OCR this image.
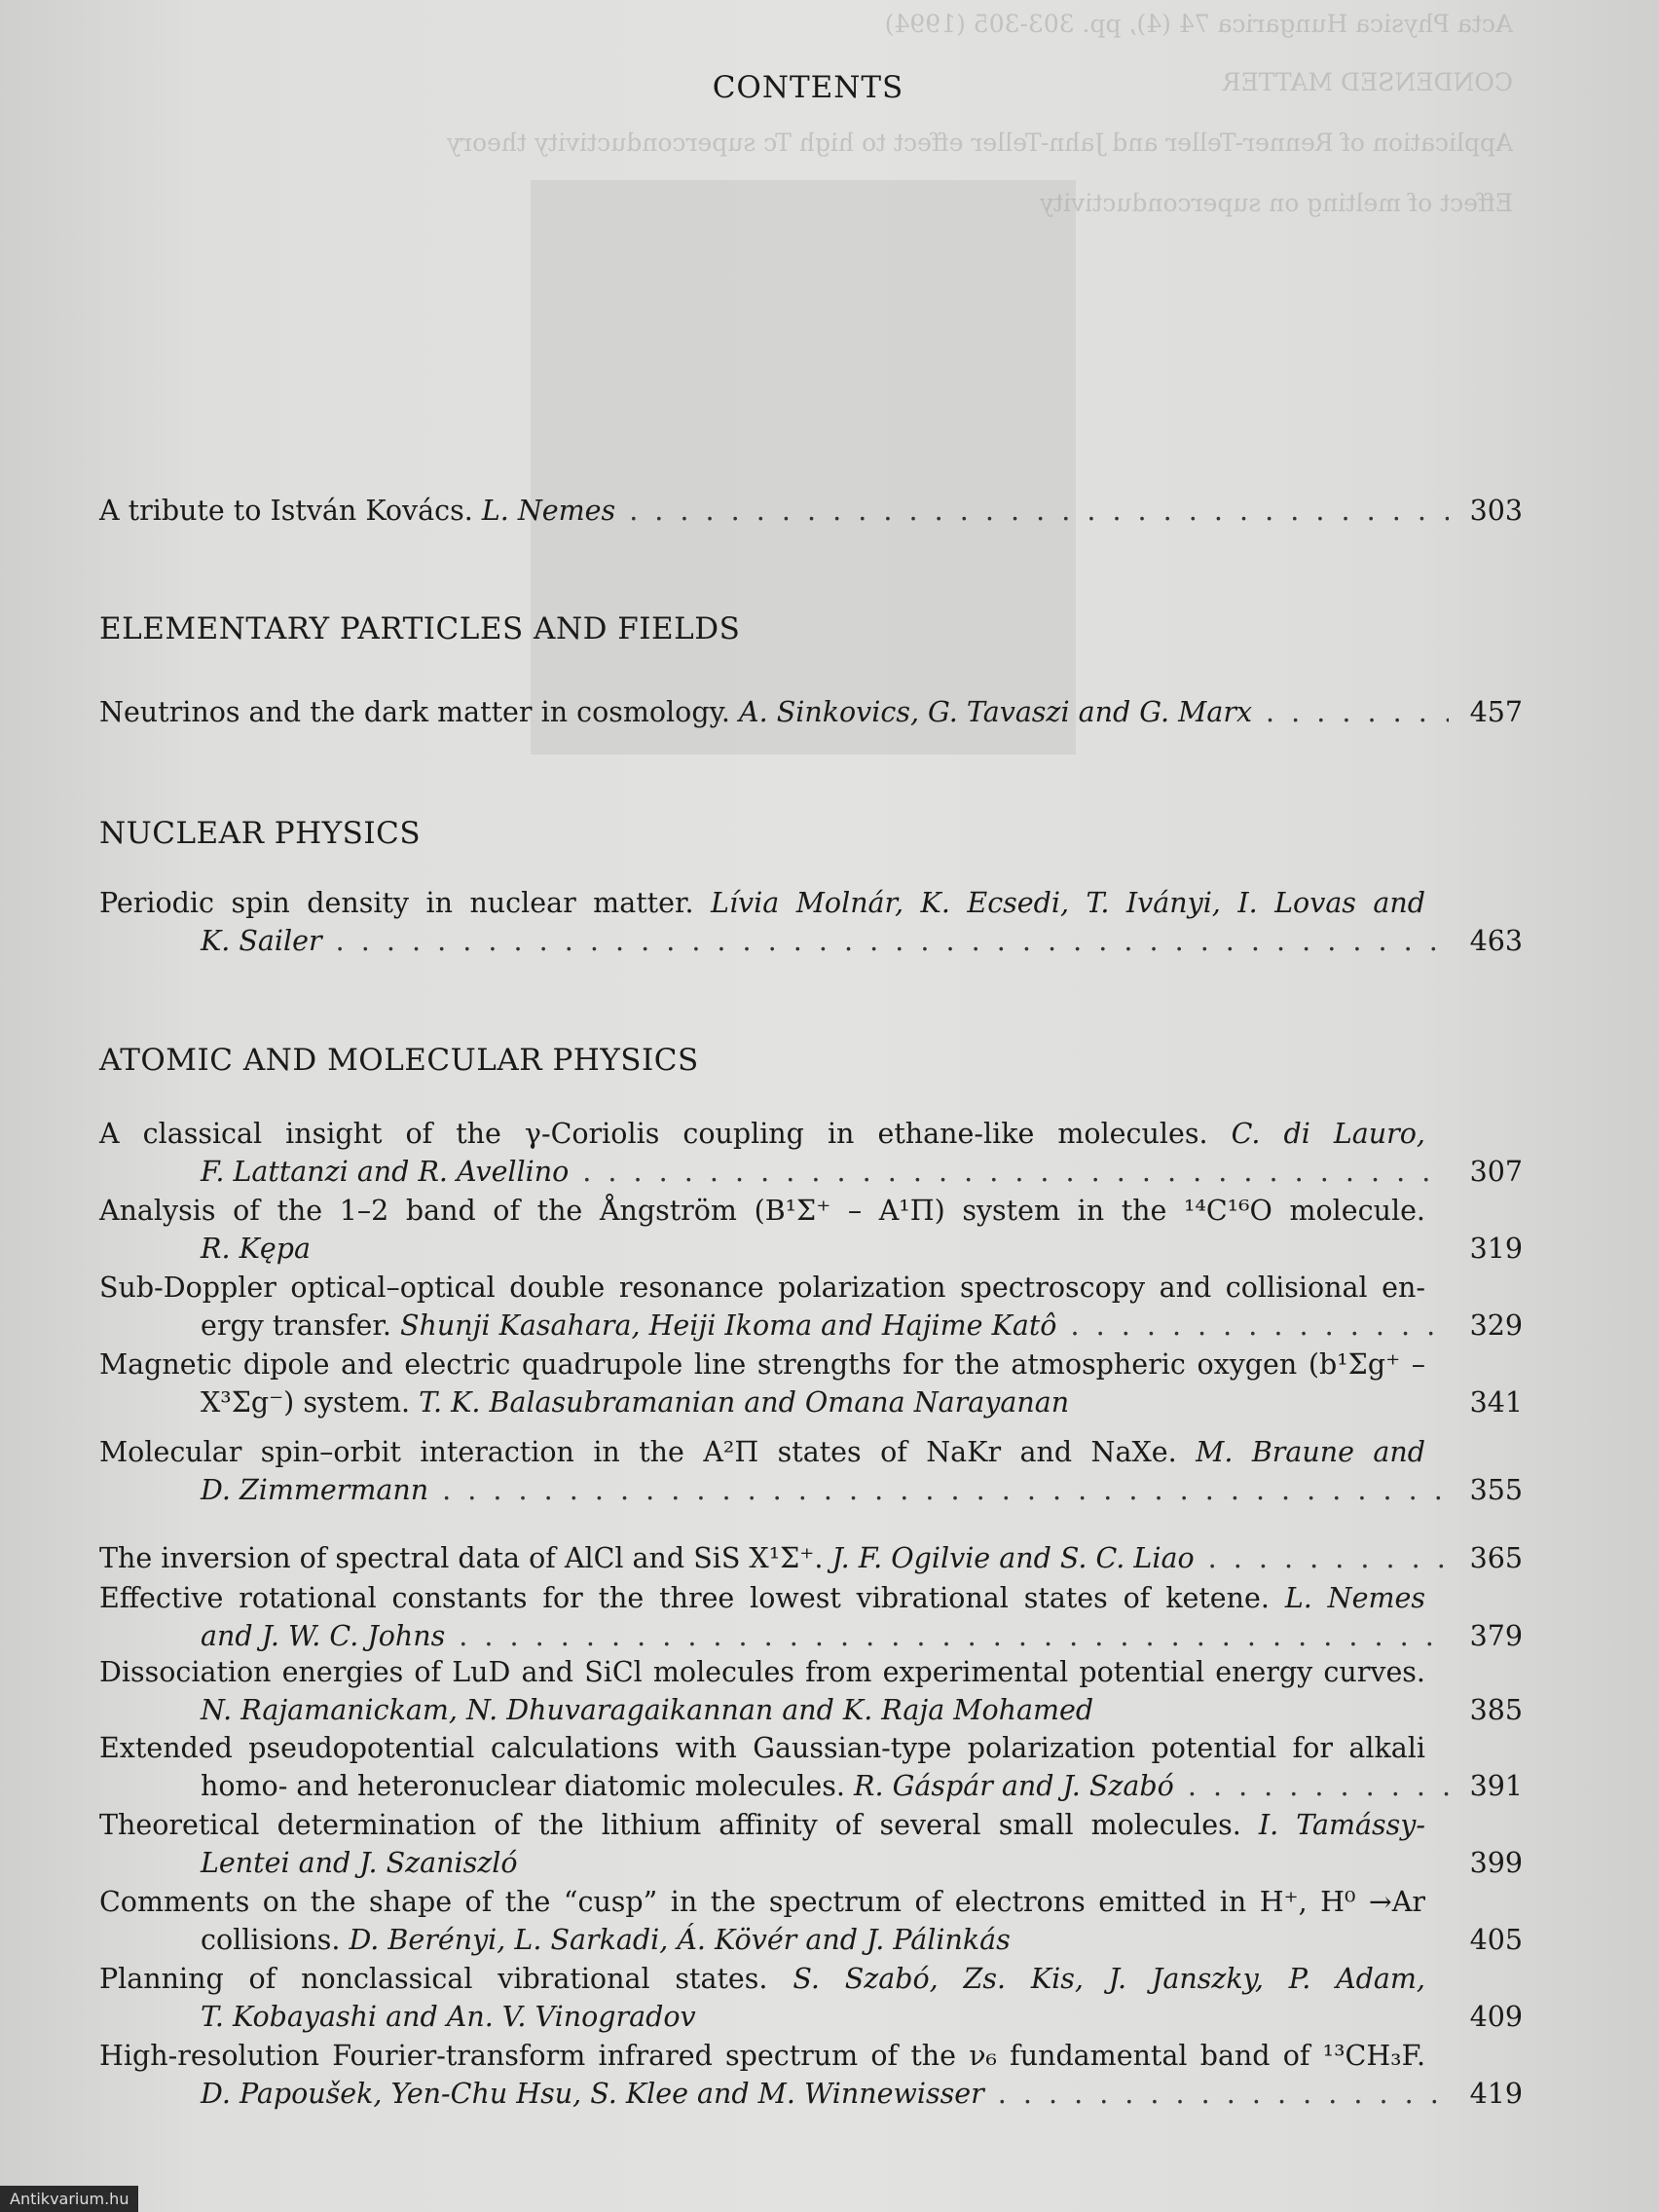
Acta Physica Hungarica 74 (4), pp. 303-305 (1994)
CONDENSED MATTER
Application of Renner-Teller and Jahn-Teller effect to high Tc superconductivity theory
Effect of melting on superconductivity
CONTENTS
A tribute to István Kovács. L. Nemes . . .	303
ELEMENTARY PARTICLES AND FIELDS
Neutrinos and the dark matter in cosmology. A. Sinkovics, G. Tavaszi and G. Marx . . .	457
NUCLEAR PHYSICS
Periodic spin density in nuclear matter. Lívia Molnár, K. Ecsedi, T. Iványi, I. Lovas and
K. Sailer . . .	463
ATOMIC AND MOLECULAR PHYSICS
A classical insight of the γ-Coriolis coupling in ethane-like molecules. C. di Lauro,
F. Lattanzi and R. Avellino . . .	307
Analysis of the 1–2 band of the Ångström (B¹Σ⁺ – A¹Π) system in the ¹⁴C¹⁶O molecule.
R. Kępa	319
Sub-Doppler optical–optical double resonance polarization spectroscopy and collisional en-
ergy transfer. Shunji Kasahara, Heiji Ikoma and Hajime Katô . . .	329
Magnetic dipole and electric quadrupole line strengths for the atmospheric oxygen (b¹Σg⁺ –
X³Σg⁻) system. T. K. Balasubramanian and Omana Narayanan	341
Molecular spin–orbit interaction in the A²Π states of NaKr and NaXe. M. Braune and
D. Zimmermann . . .	355
The inversion of spectral data of AlCl and SiS X¹Σ⁺. J. F. Ogilvie and S. C. Liao . . .	365
Effective rotational constants for the three lowest vibrational states of ketene. L. Nemes
and J. W. C. Johns . . .	379
Dissociation energies of LuD and SiCl molecules from experimental potential energy curves.
N. Rajamanickam, N. Dhuvaragaikannan and K. Raja Mohamed	385
Extended pseudopotential calculations with Gaussian-type polarization potential for alkali
homo- and heteronuclear diatomic molecules. R. Gáspár and J. Szabó . . .	391
Theoretical determination of the lithium affinity of several small molecules. I. Tamássy-
Lentei and J. Szaniszló	399
Comments on the shape of the “cusp” in the spectrum of electrons emitted in H⁺, H⁰ →Ar
collisions. D. Berényi, L. Sarkadi, Á. Kövér and J. Pálinkás	405
Planning of nonclassical vibrational states. S. Szabó, Zs. Kis, J. Janszky, P. Adam,
T. Kobayashi and An. V. Vinogradov	409
High-resolution Fourier-transform infrared spectrum of the ν₆ fundamental band of ¹³CH₃F.
D. Papoušek, Yen-Chu Hsu, S. Klee and M. Winnewisser . . .	419
Antikvarium.hu
